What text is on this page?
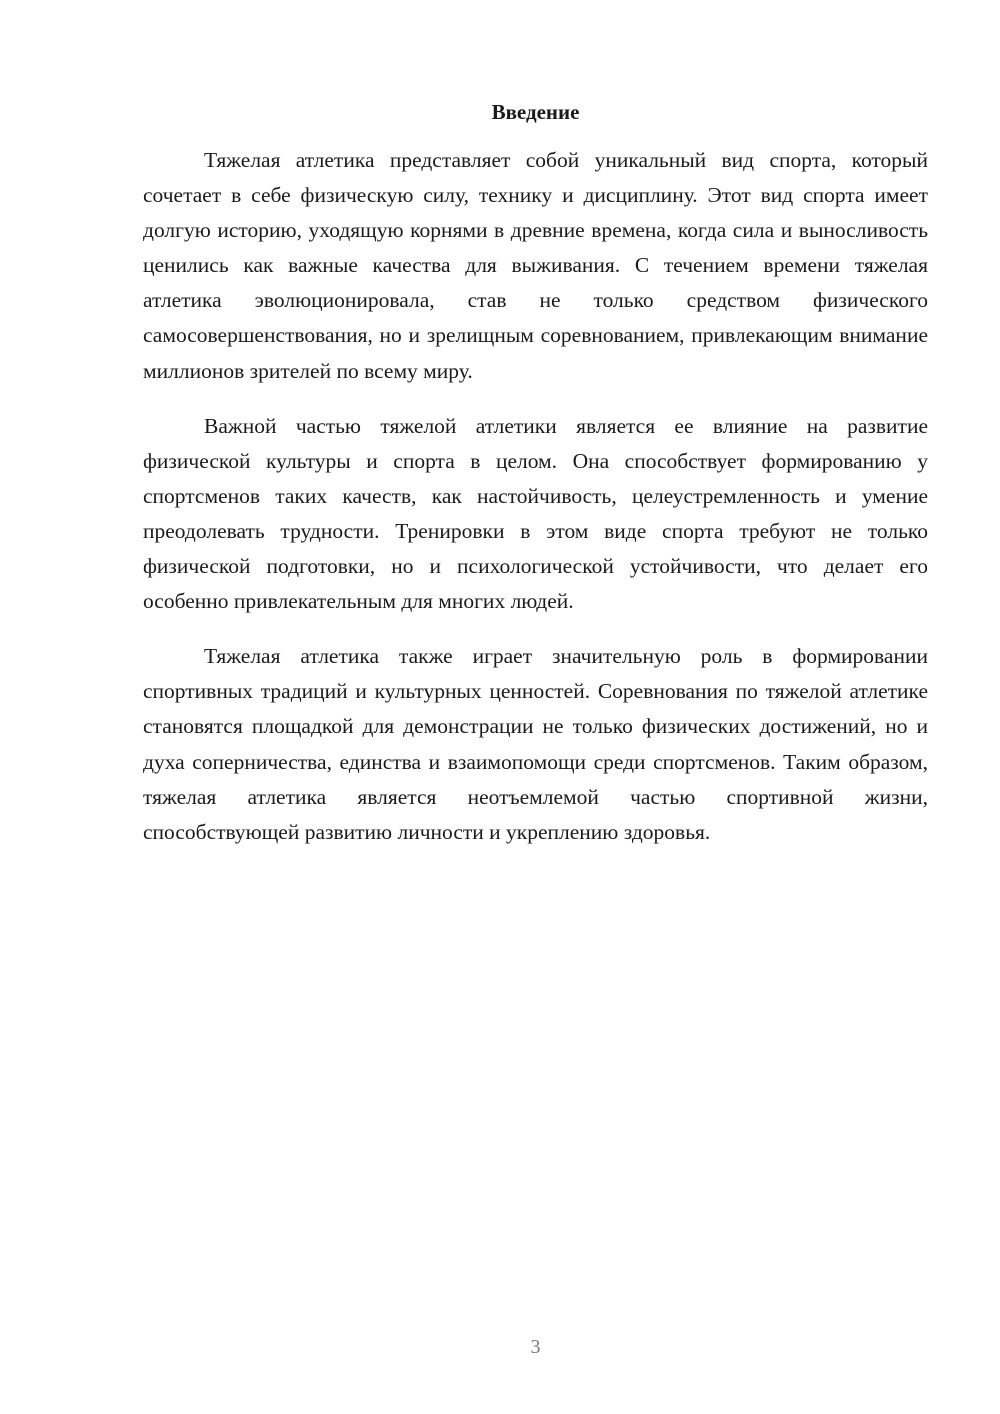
Введение

Тяжелая атлетика представляет собой уникальный вид спорта, который сочетает в себе физическую силу, технику и дисциплину. Этот вид спорта имеет долгую историю, уходящую корнями в древние времена, когда сила и выносливость ценились как важные качества для выживания. С течением времени тяжелая атлетика эволюционировала, став не только средством физического самосовершенствования, но и зрелищным соревнованием, привлекающим внимание миллионов зрителей по всему миру.

Важной частью тяжелой атлетики является ее влияние на развитие физической культуры и спорта в целом. Она способствует формированию у спортсменов таких качеств, как настойчивость, целеустремленность и умение преодолевать трудности. Тренировки в этом виде спорта требуют не только физической подготовки, но и психологической устойчивости, что делает его особенно привлекательным для многих людей.

Тяжелая атлетика также играет значительную роль в формировании спортивных традиций и культурных ценностей. Соревнования по тяжелой атлетике становятся площадкой для демонстрации не только физических достижений, но и духа соперничества, единства и взаимопомощи среди спортсменов. Таким образом, тяжелая атлетика является неотъемлемой частью спортивной жизни, способствующей развитию личности и укреплению здоровья.

3
